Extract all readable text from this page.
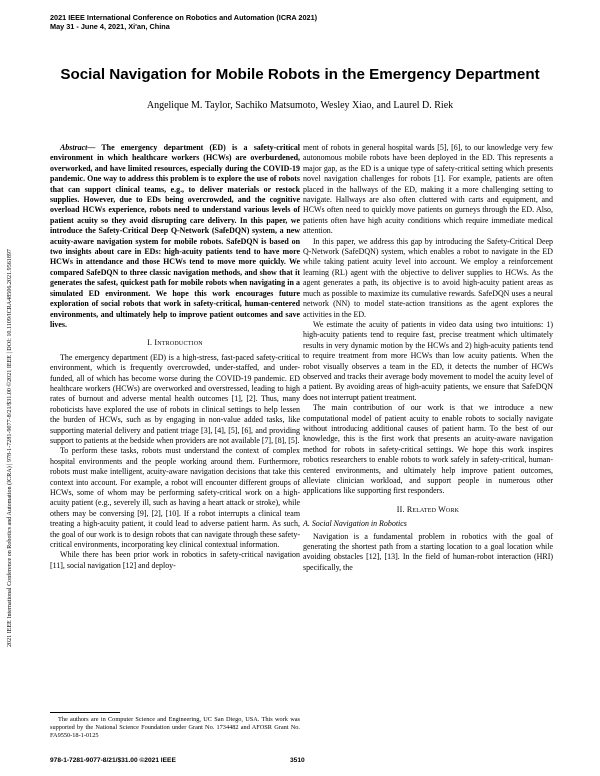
2021 IEEE International Conference on Robotics and Automation (ICRA 2021)
May 31 - June 4, 2021, Xi'an, China
2021 IEEE International Conference on Robotics and Automation (ICRA) | 978-1-7281-9077-8/21/$31.00 ©2021 IEEE | DOI: 10.1109/ICRA48506.2021.9561897
Social Navigation for Mobile Robots in the Emergency Department
Angelique M. Taylor, Sachiko Matsumoto, Wesley Xiao, and Laurel D. Riek

Abstract— The emergency department (ED) is a safety-critical environment in which healthcare workers (HCWs) are overburdened, overworked, and have limited resources, especially during the COVID-19 pandemic. One way to address this problem is to explore the use of robots that can support clinical teams, e.g., to deliver materials or restock supplies. However, due to EDs being overcrowded, and the cognitive overload HCWs experience, robots need to understand various levels of patient acuity so they avoid disrupting care delivery. In this paper, we introduce the Safety-Critical Deep Q-Network (SafeDQN) system, a new acuity-aware navigation system for mobile robots. SafeDQN is based on two insights about care in EDs: high-acuity patients tend to have more HCWs in attendance and those HCWs tend to move more quickly. We compared SafeDQN to three classic navigation methods, and show that it generates the safest, quickest path for mobile robots when navigating in a simulated ED environment. We hope this work encourages future exploration of social robots that work in safety-critical, human-centered environments, and ultimately help to improve patient outcomes and save lives.

I. Introduction

The emergency department (ED) is a high-stress, fast-paced safety-critical environment, which is frequently overcrowded, under-staffed, and under-funded, all of which has become worse during the COVID-19 pandemic. ED healthcare workers (HCWs) are overworked and overstressed, leading to high rates of burnout and adverse mental health outcomes [1], [2]. Thus, many roboticists have explored the use of robots in clinical settings to help lessen the burden of HCWs, such as by engaging in non-value added tasks, like supporting material delivery and patient triage [3], [4], [5], [6], and providing support to patients at the bedside when providers are not available [7], [8], [5].

To perform these tasks, robots must understand the context of complex hospital environments and the people working around them. Furthermore, robots must make intelligent, acuity-aware navigation decisions that take this context into account. For example, a robot will encounter different groups of HCWs, some of whom may be performing safety-critical work on a high-acuity patient (e.g., severely ill, such as having a heart attack or stroke), while others may be conversing [9], [2], [10]. If a robot interrupts a clinical team treating a high-acuity patient, it could lead to adverse patient harm. As such, the goal of our work is to design robots that can navigate through these safety-critical environments, incorporating key clinical contextual information.

While there has been prior work in robotics in safety-critical navigation [11], social navigation [12] and deploy-

The authors are in Computer Science and Engineering, UC San Diego, USA. This work was supported by the National Science Foundation under Grant No. 1734482 and AFOSR Grant No. FA9550-18-1-0125

ment of robots in general hospital wards [5], [6], to our knowledge very few autonomous mobile robots have been deployed in the ED. This represents a major gap, as the ED is a unique type of safety-critical setting which presents novel navigation challenges for robots [1]. For example, patients are often placed in the hallways of the ED, making it a more challenging setting to navigate. Hallways are also often cluttered with carts and equipment, and HCWs often need to quickly move patients on gurneys through the ED. Also, patients often have high acuity conditions which require immediate medical attention.

In this paper, we address this gap by introducing the Safety-Critical Deep Q-Network (SafeDQN) system, which enables a robot to navigate in the ED while taking patient acuity level into account. We employ a reinforcement learning (RL) agent with the objective to deliver supplies to HCWs. As the agent generates a path, its objective is to avoid high-acuity patient areas as much as possible to maximize its cumulative rewards. SafeDQN uses a neural network (NN) to model state-action transitions as the agent explores the activities in the ED.

We estimate the acuity of patients in video data using two intuitions: 1) high-acuity patients tend to require fast, precise treatment which ultimately results in very dynamic motion by the HCWs and 2) high-acuity patients tend to require treatment from more HCWs than low acuity patients. When the robot visually observes a team in the ED, it detects the number of HCWs observed and tracks their average body movement to model the acuity level of a patient. By avoiding areas of high-acuity patients, we ensure that SafeDQN does not interrupt patient treatment.

The main contribution of our work is that we introduce a new computational model of patient acuity to enable robots to socially navigate without introducing additional causes of patient harm. To the best of our knowledge, this is the first work that presents an acuity-aware navigation method for robots in safety-critical settings. We hope this work inspires robotics researchers to enable robots to work safely in safety-critical, human-centered environments, and ultimately help improve patient outcomes, alleviate clinician workload, and support people in numerous other applications like supporting first responders.

II. Related Work
A. Social Navigation in Robotics

Navigation is a fundamental problem in robotics with the goal of generating the shortest path from a starting location to a goal location while avoiding obstacles [12], [13]. In the field of human-robot interaction (HRI) specifically, the

978-1-7281-9077-8/21/$31.00 ©2021 IEEE	3510
